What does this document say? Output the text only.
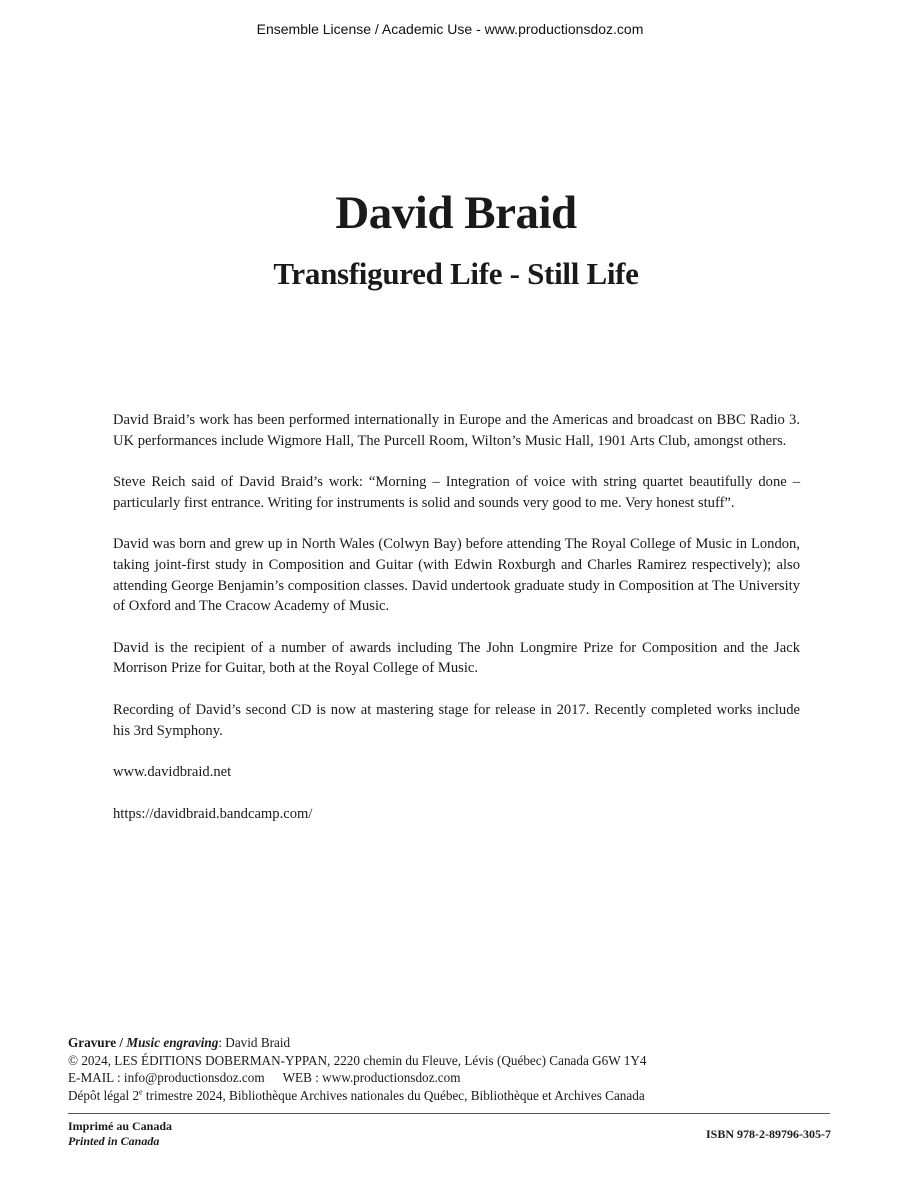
Ensemble License / Academic Use - www.productionsdoz.com
David Braid
Transfigured Life - Still Life

David Braid’s work has been performed internationally in Europe and the Americas and broadcast on BBC Radio 3. UK performances include Wigmore Hall, The Purcell Room, Wilton’s Music Hall, 1901 Arts Club, amongst others.

Steve Reich said of David Braid’s work: “Morning – Integration of voice with string quartet beautifully done – particularly first entrance. Writing for instruments is solid and sounds very good to me. Very honest stuff”.

David was born and grew up in North Wales (Colwyn Bay) before attending The Royal College of Music in London, taking joint-first study in Composition and Guitar (with Edwin Roxburgh and Charles Ramirez respectively); also attending George Benjamin’s composition classes. David undertook graduate study in Composition at The University of Oxford and The Cracow Academy of Music.

David is the recipient of a number of awards including The John Longmire Prize for Composition and the Jack Morrison Prize for Guitar, both at the Royal College of Music.

Recording of David’s second CD is now at mastering stage for release in 2017. Recently completed works include his 3rd Symphony.

www.davidbraid.net

https://davidbraid.bandcamp.com/

Gravure / Music engraving: David Braid
© 2024, LES ÉDITIONS DOBERMAN-YPPAN, 2220 chemin du Fleuve, Lévis (Québec) Canada G6W 1Y4
E-MAIL : info@productionsdoz.com WEB : www.productionsdoz.com
Dépôt légal 2e trimestre 2024, Bibliothèque Archives nationales du Québec, Bibliothèque et Archives Canada
Imprimé au Canada
Printed in Canada	ISBN 978-2-89796-305-7
